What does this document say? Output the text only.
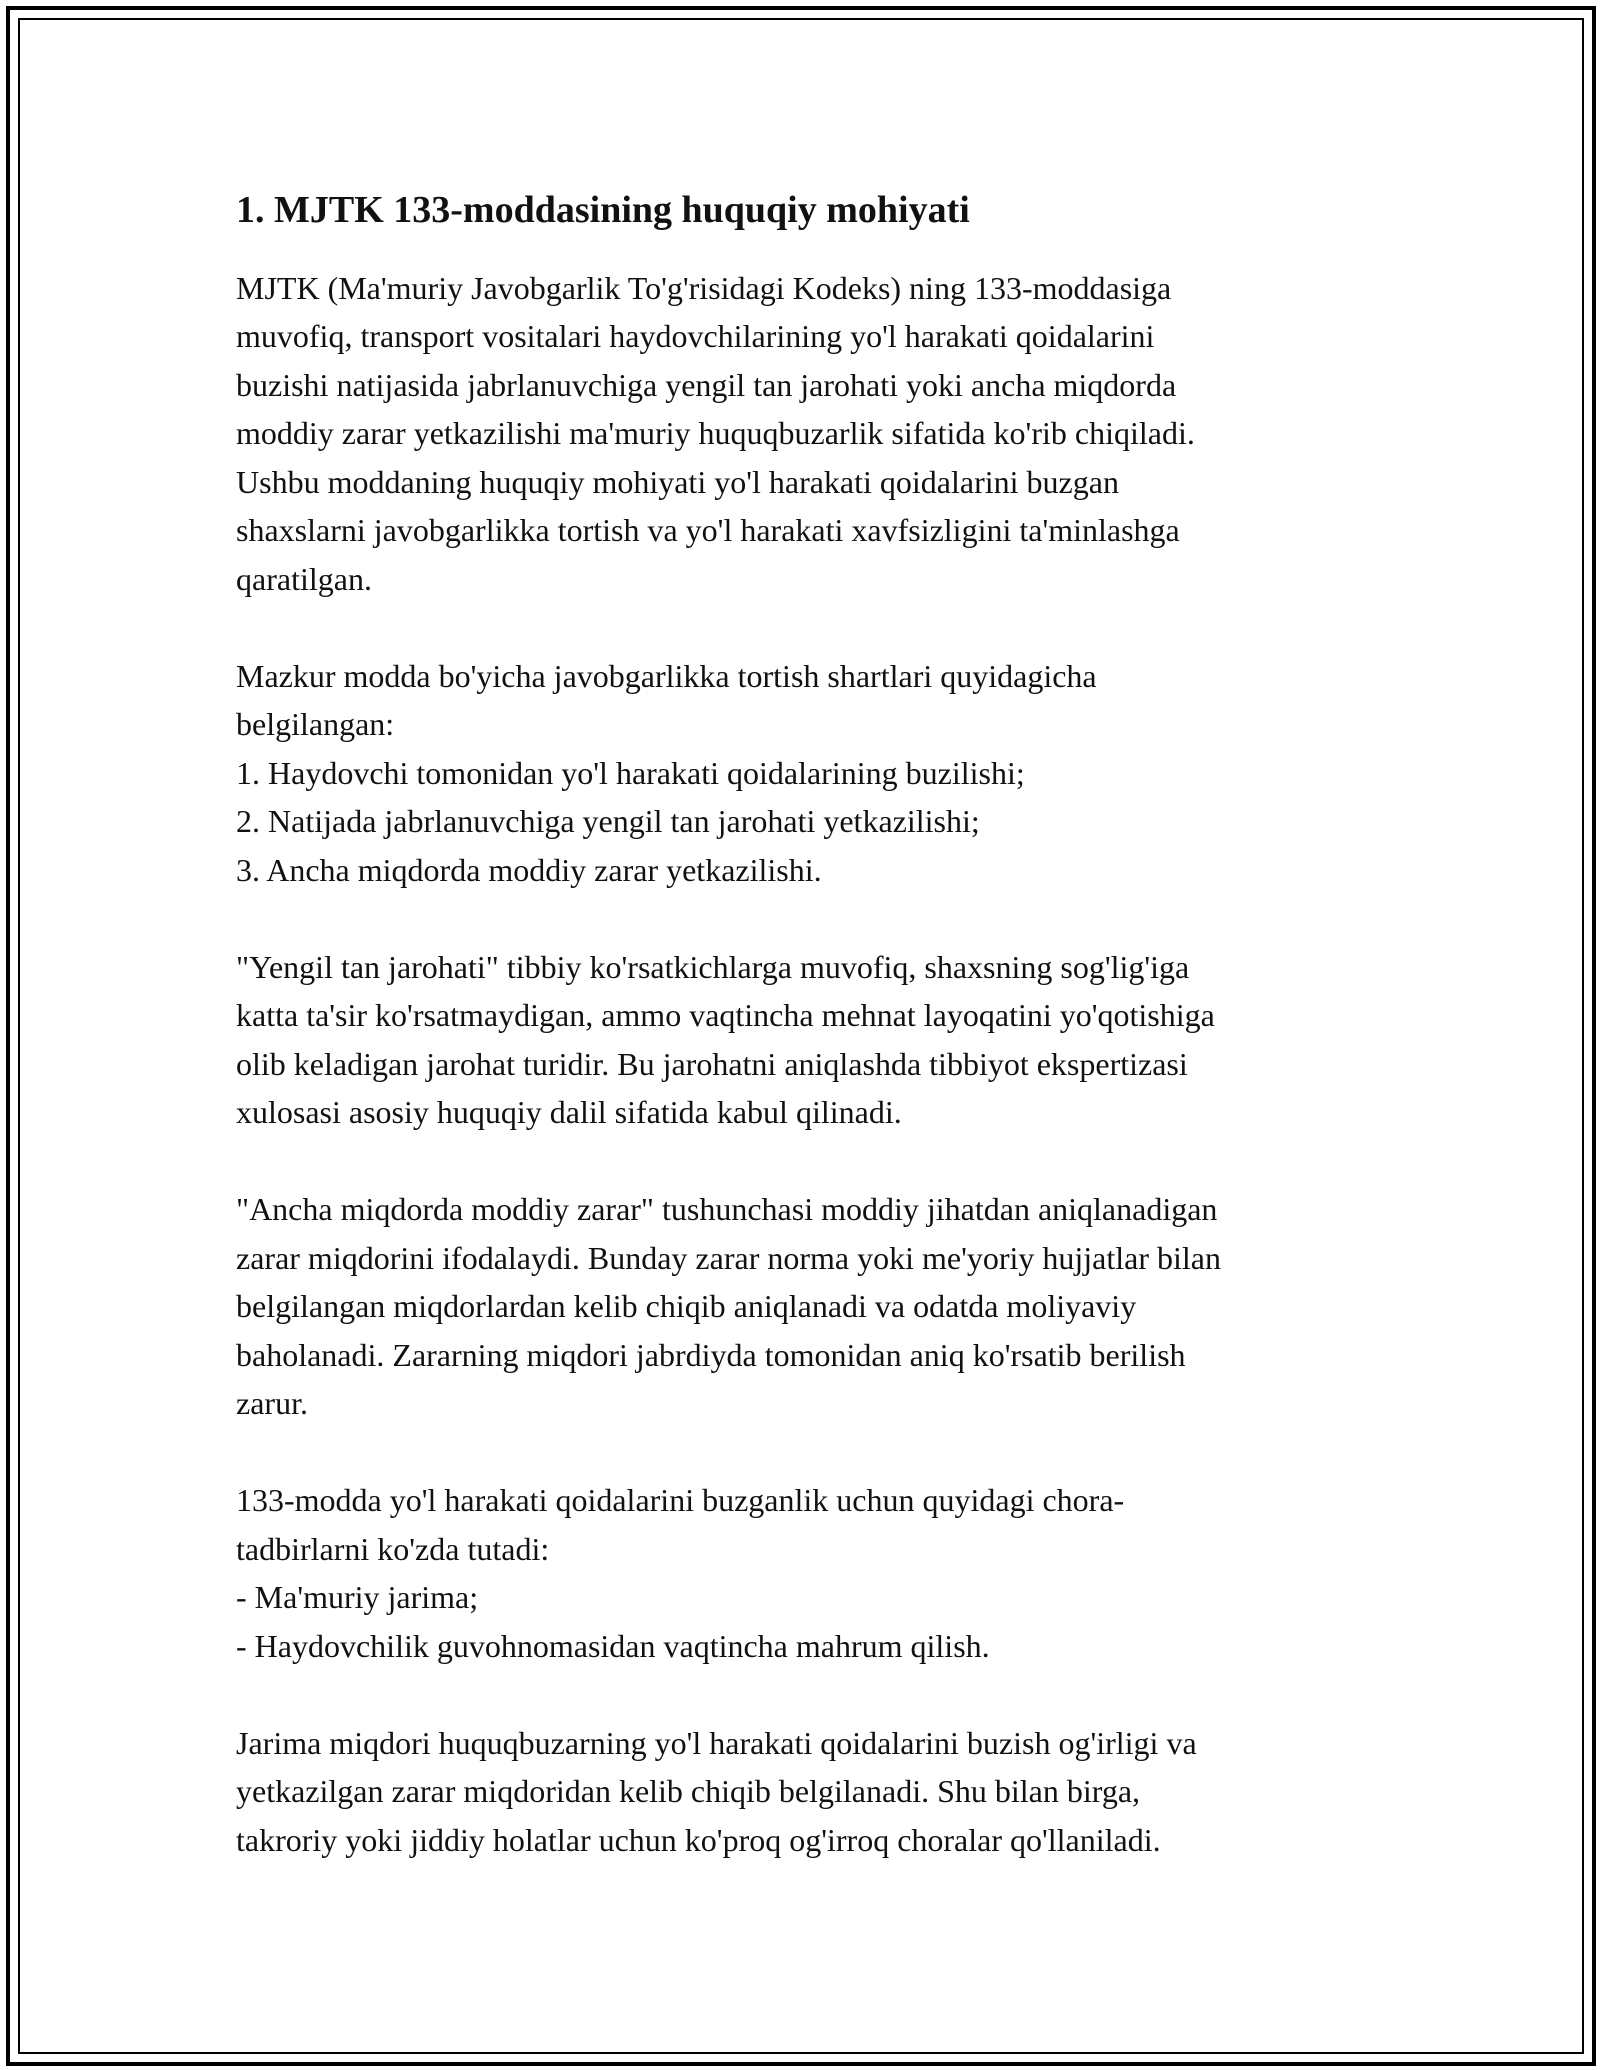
1. MJTK 133-moddasining huquqiy mohiyati
MJTK (Ma'muriy Javobgarlik To'g'risidagi Kodeks) ning 133-moddasiga
muvofiq, transport vositalari haydovchilarining yo'l harakati qoidalarini
buzishi natijasida jabrlanuvchiga yengil tan jarohati yoki ancha miqdorda
moddiy zarar yetkazilishi ma'muriy huquqbuzarlik sifatida ko'rib chiqiladi.
Ushbu moddaning huquqiy mohiyati yo'l harakati qoidalarini buzgan
shaxslarni javobgarlikka tortish va yo'l harakati xavfsizligini ta'minlashga
qaratilgan.
Mazkur modda bo'yicha javobgarlikka tortish shartlari quyidagicha
belgilangan:
1. Haydovchi tomonidan yo'l harakati qoidalarining buzilishi;
2. Natijada jabrlanuvchiga yengil tan jarohati yetkazilishi;
3. Ancha miqdorda moddiy zarar yetkazilishi.
"Yengil tan jarohati" tibbiy ko'rsatkichlarga muvofiq, shaxsning sog'lig'iga
katta ta'sir ko'rsatmaydigan, ammo vaqtincha mehnat layoqatini yo'qotishiga
olib keladigan jarohat turidir. Bu jarohatni aniqlashda tibbiyot ekspertizasi
xulosasi asosiy huquqiy dalil sifatida kabul qilinadi.
"Ancha miqdorda moddiy zarar" tushunchasi moddiy jihatdan aniqlanadigan
zarar miqdorini ifodalaydi. Bunday zarar norma yoki me'yoriy hujjatlar bilan
belgilangan miqdorlardan kelib chiqib aniqlanadi va odatda moliyaviy
baholanadi. Zararning miqdori jabrdiyda tomonidan aniq ko'rsatib berilish
zarur.
133-modda yo'l harakati qoidalarini buzganlik uchun quyidagi chora-
tadbirlarni ko'zda tutadi:
- Ma'muriy jarima;
- Haydovchilik guvohnomasidan vaqtincha mahrum qilish.
Jarima miqdori huquqbuzarning yo'l harakati qoidalarini buzish og'irligi va
yetkazilgan zarar miqdoridan kelib chiqib belgilanadi. Shu bilan birga,
takroriy yoki jiddiy holatlar uchun ko'proq og'irroq choralar qo'llaniladi.
